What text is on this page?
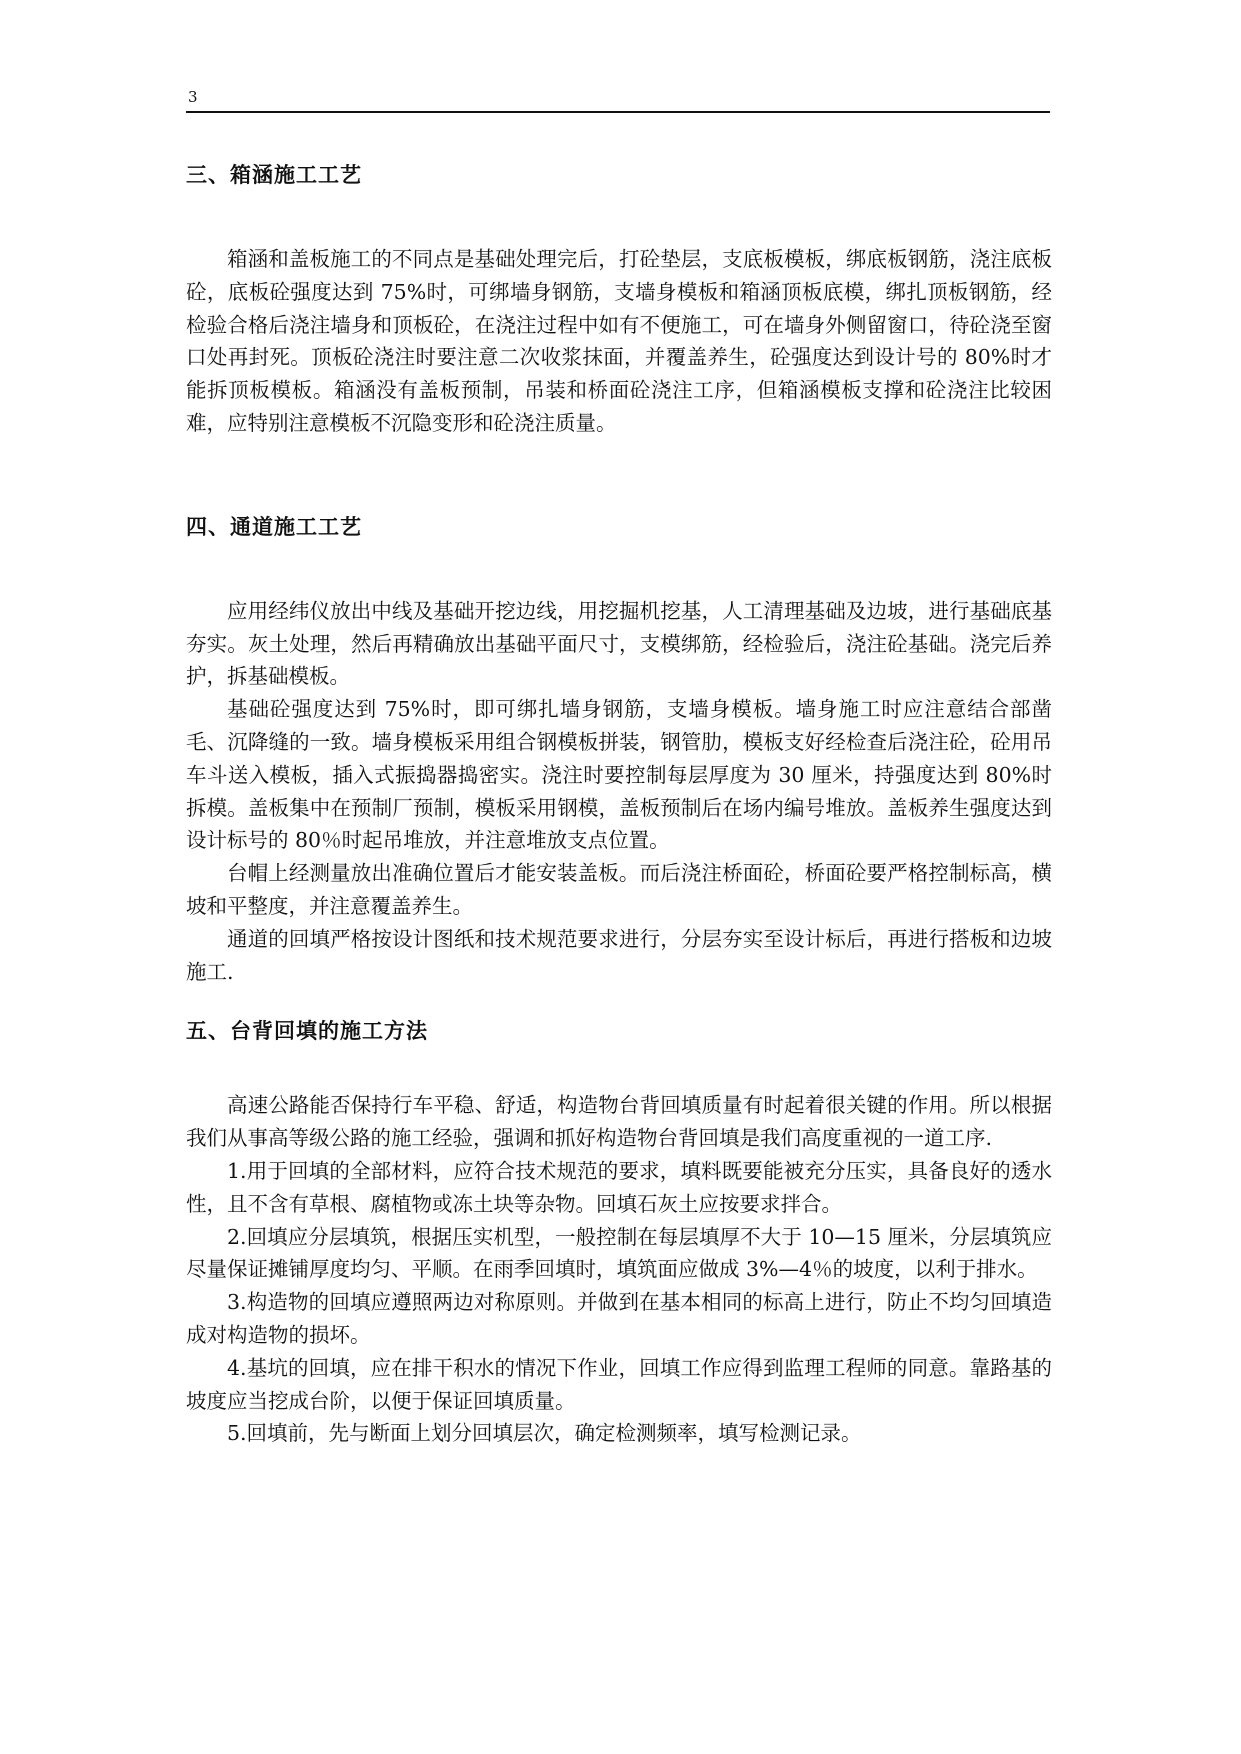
3
三、箱涵施工工艺

箱涵和盖板施工的不同点是基础处理完后，打砼垫层，支底板模板，绑底板钢筋，浇注底板砼，底板砼强度达到 75%时，可绑墙身钢筋，支墙身模板和箱涵顶板底模，绑扎顶板钢筋，经检验合格后浇注墙身和顶板砼，在浇注过程中如有不便施工，可在墙身外侧留窗口，待砼浇至窗口处再封死。顶板砼浇注时要注意二次收浆抹面，并覆盖养生，砼强度达到设计号的 80%时才能拆顶板模板。箱涵没有盖板预制，吊装和桥面砼浇注工序，但箱涵模板支撑和砼浇注比较困难，应特别注意模板不沉隐变形和砼浇注质量。

四、通道施工工艺

应用经纬仪放出中线及基础开挖边线，用挖掘机挖基，人工清理基础及边坡，进行基础底基夯实。灰土处理，然后再精确放出基础平面尺寸，支模绑筋，经检验后，浇注砼基础。浇完后养护，拆基础模板。

基础砼强度达到 75%时，即可绑扎墙身钢筋，支墙身模板。墙身施工时应注意结合部凿毛、沉降缝的一致。墙身模板采用组合钢模板拼装，钢管肋，模板支好经检查后浇注砼，砼用吊车斗送入模板，插入式振捣器捣密实。浇注时要控制每层厚度为 30 厘米，持强度达到 80%时拆模。盖板集中在预制厂预制，模板采用钢模，盖板预制后在场内编号堆放。盖板养生强度达到设计标号的 80％时起吊堆放，并注意堆放支点位置。

台帽上经测量放出准确位置后才能安装盖板。而后浇注桥面砼，桥面砼要严格控制标高，横坡和平整度，并注意覆盖养生。

通道的回填严格按设计图纸和技术规范要求进行，分层夯实至设计标后，再进行搭板和边坡施工.

五、台背回填的施工方法

高速公路能否保持行车平稳、舒适，构造物台背回填质量有时起着很关键的作用。所以根据我们从事高等级公路的施工经验，强调和抓好构造物台背回填是我们高度重视的一道工序.

1.用于回填的全部材料，应符合技术规范的要求，填料既要能被充分压实，具备良好的透水性，且不含有草根、腐植物或冻土块等杂物。回填石灰土应按要求拌合。

2.回填应分层填筑，根据压实机型，一般控制在每层填厚不大于 10—15 厘米，分层填筑应尽量保证摊铺厚度均匀、平顺。在雨季回填时，填筑面应做成 3%—4％的坡度，以利于排水。

3.构造物的回填应遵照两边对称原则。并做到在基本相同的标高上进行，防止不均匀回填造成对构造物的损坏。

4.基坑的回填，应在排干积水的情况下作业，回填工作应得到监理工程师的同意。靠路基的坡度应当挖成台阶，以便于保证回填质量。

5.回填前，先与断面上划分回填层次，确定检测频率，填写检测记录。
